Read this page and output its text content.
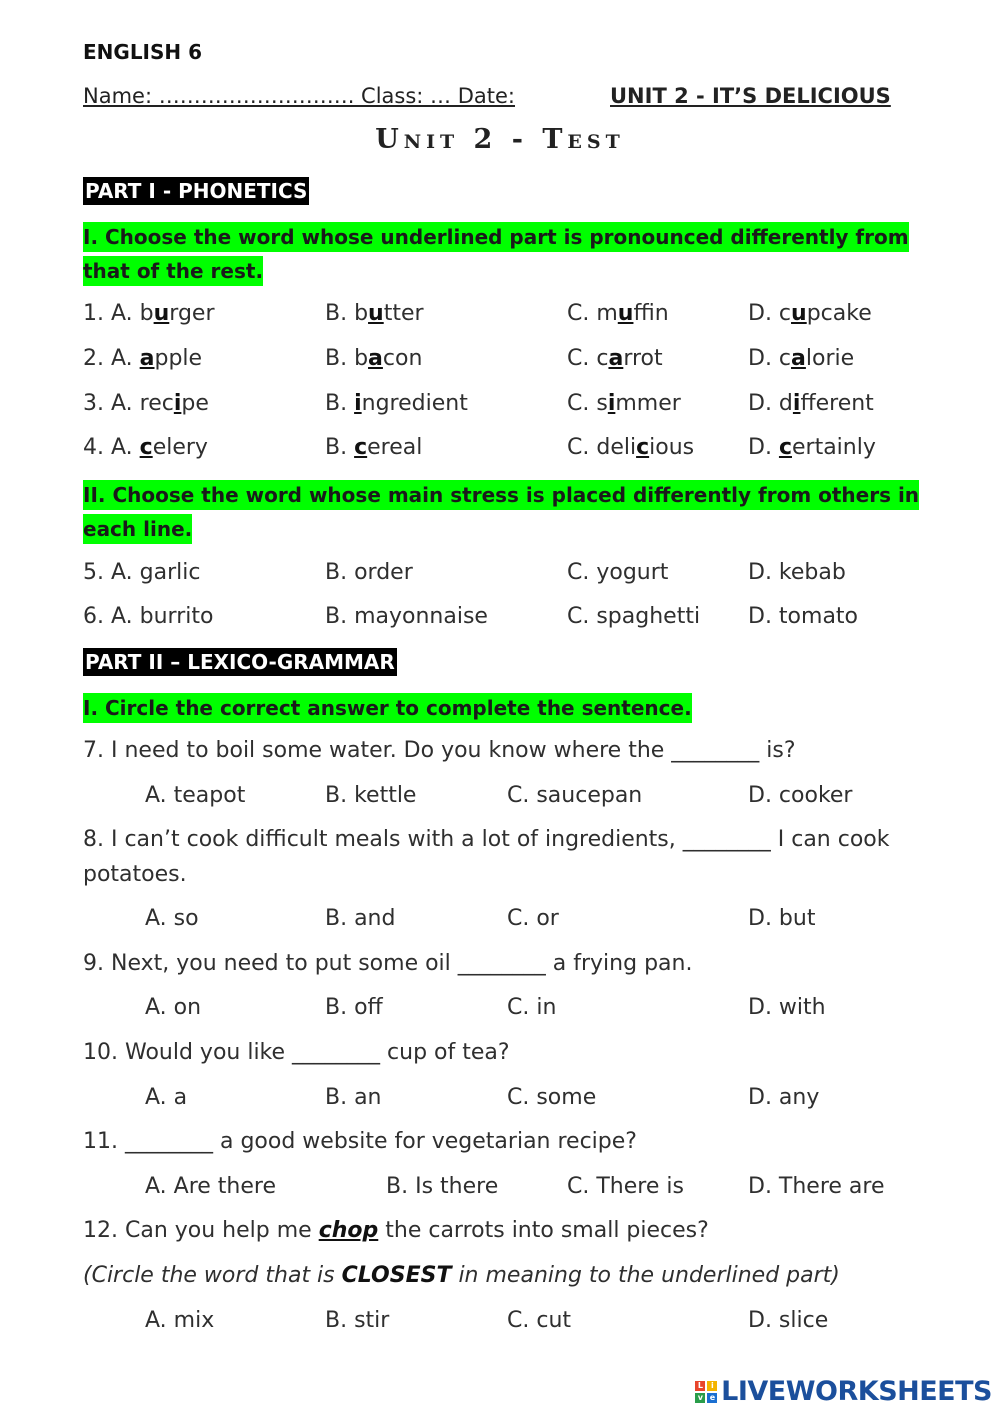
ENGLISH 6
Name: ………………………. Class: … Date:	UNIT 2 - IT’S DELICIOUS
Unit 2 - Test
PART I - PHONETICS
I. Choose the word whose underlined part is pronounced differently from
that of the rest.
1. A. burger	B. butter	C. muffin	D. cupcake
2. A. apple	B. bacon	C. carrot	D. calorie
3. A. recipe	B. ingredient	C. simmer	D. different
4. A. celery	B. cereal	C. delicious D. certainly
II. Choose the word whose main stress is placed differently from others in
each line.
5. A. garlic	B. order	C. yogurt	D. kebab
6. A. burrito	B. mayonnaise	C. spaghetti D. tomato
PART II – LEXICO-GRAMMAR
I. Circle the correct answer to complete the sentence.
7. I need to boil some water. Do you know where the ________ is?
A. teapot	B. kettle	C. saucepan	D. cooker
8. I can’t cook difficult meals with a lot of ingredients, ________ I can cook
potatoes.
A. so	B. and	C. or	D. but
9. Next, you need to put some oil ________ a frying pan.
A. on	B. off	C. in	D. with
10. Would you like ________ cup of tea?
A. a	B. an	C. some	D. any
11. ________ a good website for vegetarian recipe?
A. Are there	B. Is there	C. There is	D. There are
12. Can you help me chop the carrots into small pieces?
(Circle the word that is CLOSEST in meaning to the underlined part)
A. mix	B. stir	C. cut	D. slice
L	i
v e LIVEWORKSHEETS
